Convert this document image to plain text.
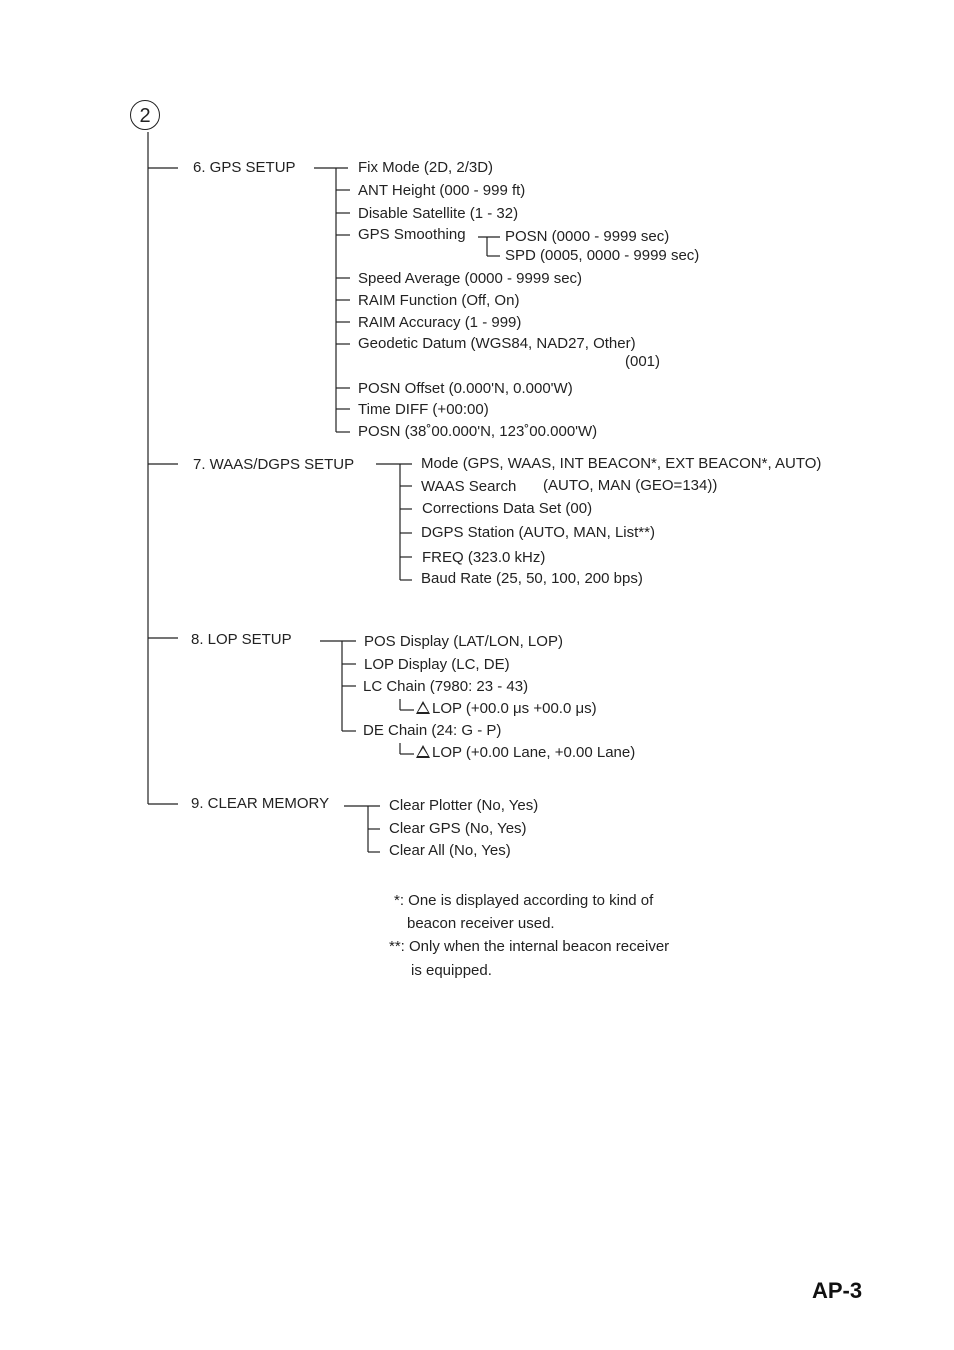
2
6. GPS SETUP	Fix Mode (2D, 2/3D)
ANT Height (000 - 999 ft)
Disable Satellite (1 - 32)
GPS Smoothing	POSN (0000 - 9999 sec)
SPD (0005, 0000 - 9999 sec)
Speed Average (0000 - 9999 sec)
RAIM Function (Off, On)
RAIM Accuracy (1 - 999)
Geodetic Datum (WGS84, NAD27, Other)
(001)
POSN Offset (0.000'N, 0.000'W)
Time DIFF (+00:00)
POSN (38˚00.000'N, 123˚00.000'W)
7. WAAS/DGPS SETUP	Mode (GPS, WAAS, INT BEACON*, EXT BEACON*, AUTO)
WAAS Search (AUTO, MAN (GEO=134))
Corrections Data Set (00)
DGPS Station (AUTO, MAN, List**)
FREQ (323.0 kHz)
Baud Rate (25, 50, 100, 200 bps)
8. LOP SETUP	POS Display (LAT/LON, LOP)
LOP Display (LC, DE)
LC Chain (7980: 23 - 43)
LOP (+00.0 μs +00.0 μs)
DE Chain (24: G - P)
LOP (+0.00 Lane, +0.00 Lane)
9. CLEAR MEMORY	Clear Plotter (No, Yes)
Clear GPS (No, Yes)
Clear All (No, Yes)
*: One is displayed according to kind of
beacon receiver used.
**: Only when the internal beacon receiver
is equipped.
AP-3
